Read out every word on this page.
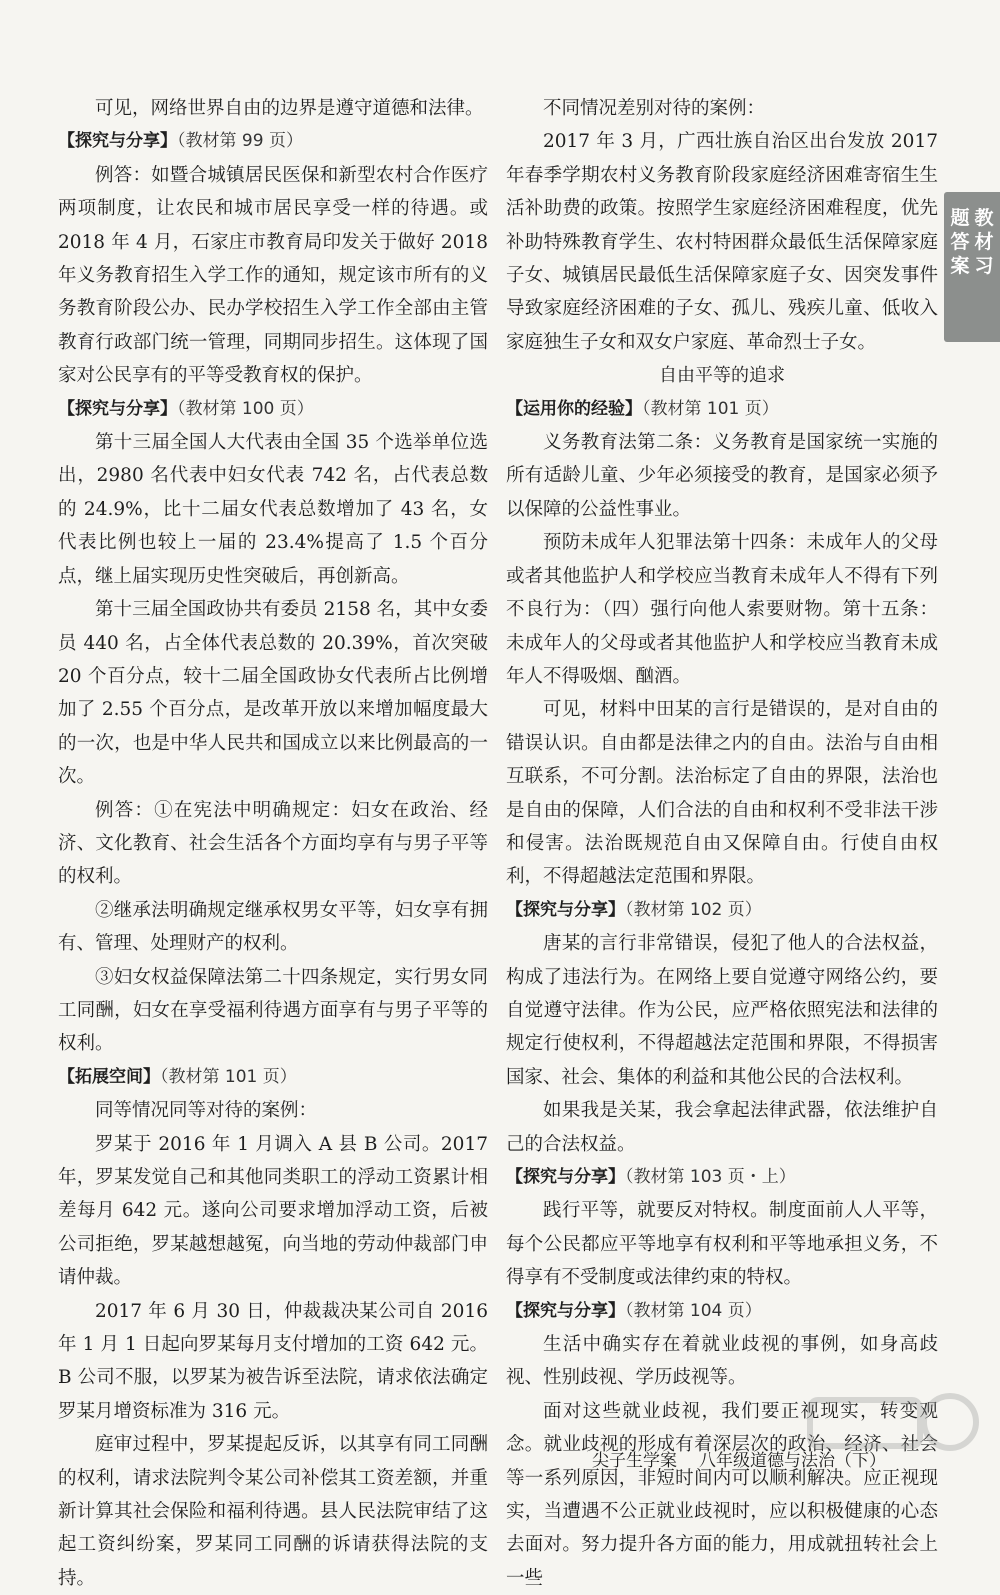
可见，网络世界自由的边界是遵守道德和法律。

【探究与分享】（教材第 99 页）

例答：如暨合城镇居民医保和新型农村合作医疗两项制度，让农民和城市居民享受一样的待遇。或 2018 年 4 月，石家庄市教育局印发关于做好 2018 年义务教育招生入学工作的通知，规定该市所有的义务教育阶段公办、民办学校招生入学工作全部由主管教育行政部门统一管理，同期同步招生。这体现了国家对公民享有的平等受教育权的保护。

【探究与分享】（教材第 100 页）

第十三届全国人大代表由全国 35 个选举单位选出，2980 名代表中妇女代表 742 名，占代表总数的 24.9%，比十二届女代表总数增加了 43 名，女代表比例也较上一届的 23.4%提高了 1.5 个百分点，继上届实现历史性突破后，再创新高。

第十三届全国政协共有委员 2158 名，其中女委员 440 名，占全体代表总数的 20.39%，首次突破 20 个百分点，较十二届全国政协女代表所占比例增加了 2.55 个百分点，是改革开放以来增加幅度最大的一次，也是中华人民共和国成立以来比例最高的一次。

例答：①在宪法中明确规定：妇女在政治、经济、文化教育、社会生活各个方面均享有与男子平等的权利。

②继承法明确规定继承权男女平等，妇女享有拥有、管理、处理财产的权利。

③妇女权益保障法第二十四条规定，实行男女同工同酬，妇女在享受福利待遇方面享有与男子平等的权利。

【拓展空间】（教材第 101 页）

同等情况同等对待的案例：

罗某于 2016 年 1 月调入 A 县 B 公司。2017 年，罗某发觉自己和其他同类职工的浮动工资累计相差每月 642 元。遂向公司要求增加浮动工资，后被公司拒绝，罗某越想越冤，向当地的劳动仲裁部门申请仲裁。

2017 年 6 月 30 日，仲裁裁决某公司自 2016 年 1 月 1 日起向罗某每月支付增加的工资 642 元。B 公司不服，以罗某为被告诉至法院，请求依法确定罗某月增资标准为 316 元。

庭审过程中，罗某提起反诉，以其享有同工同酬的权利，请求法院判令某公司补偿其工资差额，并重新计算其社会保险和福利待遇。县人民法院审结了这起工资纠纷案，罗某同工同酬的诉请获得法院的支持。

不同情况差别对待的案例：

2017 年 3 月，广西壮族自治区出台发放 2017 年春季学期农村义务教育阶段家庭经济困难寄宿生生活补助费的政策。按照学生家庭经济困难程度，优先补助特殊教育学生、农村特困群众最低生活保障家庭子女、城镇居民最低生活保障家庭子女、因突发事件导致家庭经济困难的子女、孤儿、残疾儿童、低收入家庭独生子女和双女户家庭、革命烈士子女。

自由平等的追求
【运用你的经验】（教材第 101 页）

义务教育法第二条：义务教育是国家统一实施的所有适龄儿童、少年必须接受的教育，是国家必须予以保障的公益性事业。

预防未成年人犯罪法第十四条：未成年人的父母或者其他监护人和学校应当教育未成年人不得有下列不良行为：（四）强行向他人索要财物。第十五条：未成年人的父母或者其他监护人和学校应当教育未成年人不得吸烟、酗酒。

可见，材料中田某的言行是错误的，是对自由的错误认识。自由都是法律之内的自由。法治与自由相互联系，不可分割。法治标定了自由的界限，法治也是自由的保障，人们合法的自由和权利不受非法干涉和侵害。法治既规范自由又保障自由。行使自由权利，不得超越法定范围和界限。

【探究与分享】（教材第 102 页）

唐某的言行非常错误，侵犯了他人的合法权益，构成了违法行为。在网络上要自觉遵守网络公约，要自觉遵守法律。作为公民，应严格依照宪法和法律的规定行使权利，不得超越法定范围和界限，不得损害国家、社会、集体的利益和其他公民的合法权利。

如果我是关某，我会拿起法律武器，依法维护自己的合法权益。

【探究与分享】（教材第 103 页・上）

践行平等，就要反对特权。制度面前人人平等，每个公民都应平等地享有权利和平等地承担义务，不得享有不受制度或法律约束的特权。

【探究与分享】（教材第 104 页）

生活中确实存在着就业歧视的事例，如身高歧视、性别歧视、学历歧视等。

面对这些就业歧视，我们要正视现实，转变观念。就业歧视的形成有着深层次的政治、经济、社会等一系列原因，非短时间内可以顺利解决。应正视现实，当遭遇不公正就业歧视时，应以积极健康的心态去面对。努力提升各方面的能力，用成就扭转社会上一些

教
材
习
题
答
案
尖子生学案 八年级道德与法治（下）
